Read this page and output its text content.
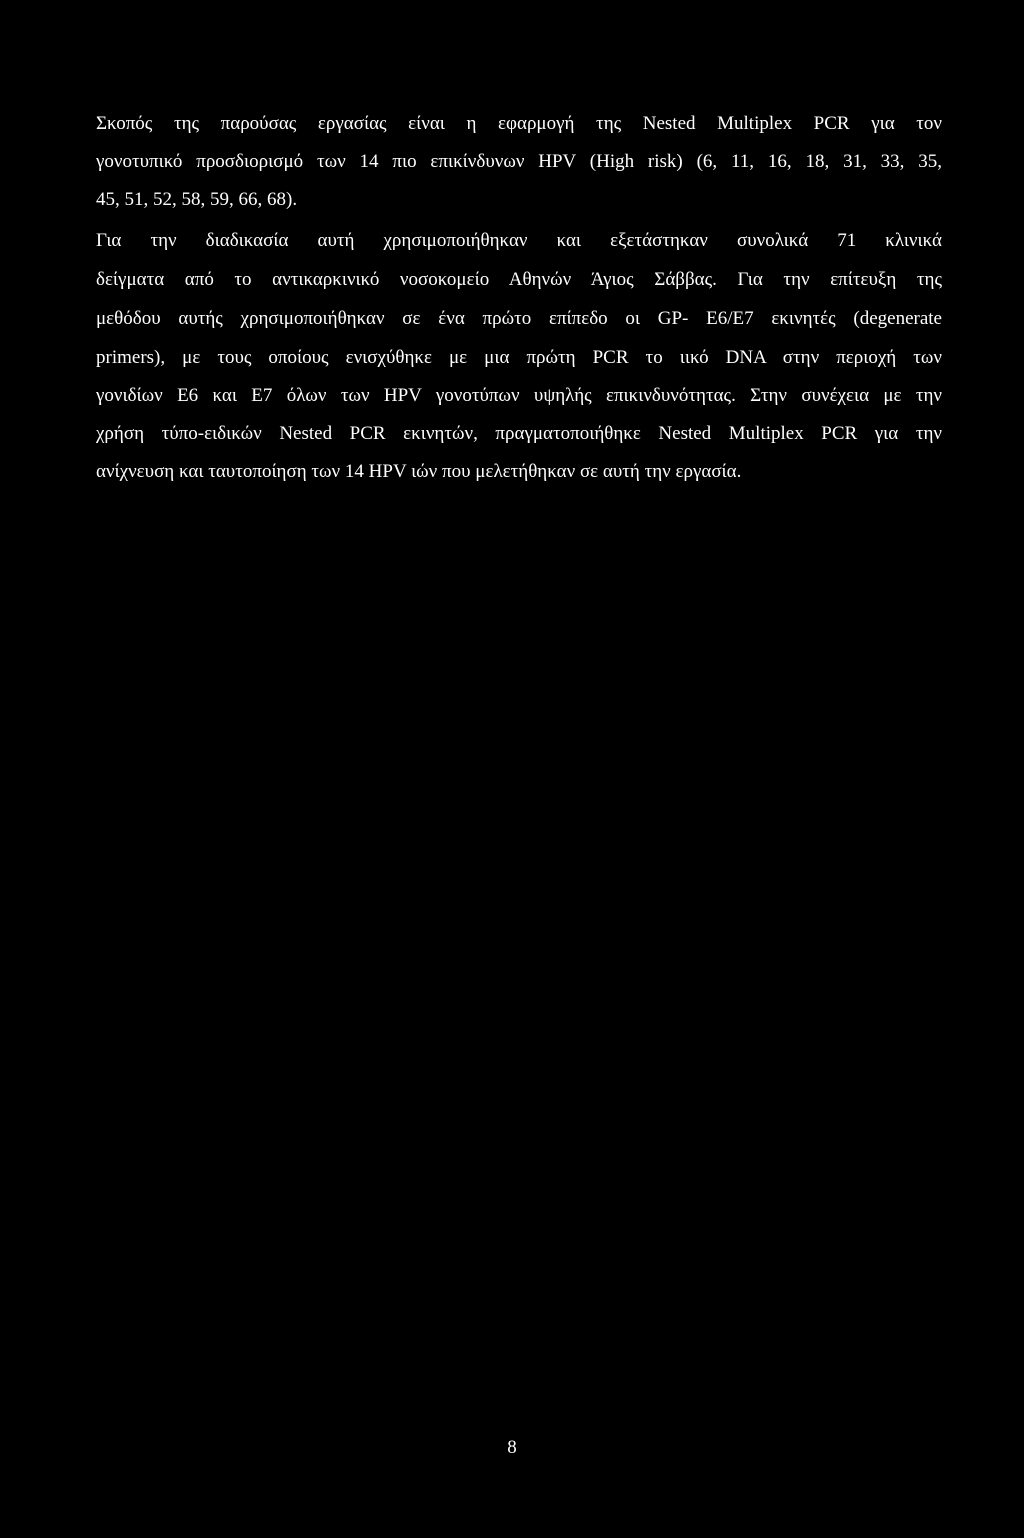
Σκοπός της παρούσας εργασίας είναι η εφαρμογή της Nested Multiplex PCR για τον
γονοτυπικό προσδιορισμό των 14 πιο επικίνδυνων HPV (High risk) (6, 11, 16, 18, 31, 33, 35,
45, 51, 52, 58, 59, 66, 68).
Για την διαδικασία αυτή χρησιμοποιήθηκαν και εξετάστηκαν συνολικά 71 κλινικά
δείγματα από το αντικαρκινικό νοσοκομείο Αθηνών Άγιος Σάββας. Για την επίτευξη της
μεθόδου αυτής χρησιμοποιήθηκαν σε ένα πρώτο επίπεδο οι GP- E6/E7 εκινητές (degenerate
primers), με τους οποίους ενισχύθηκε με μια πρώτη PCR το ιικό DNA στην περιοχή των
γονιδίων E6 και E7 όλων των HPV γονοτύπων υψηλής επικινδυνότητας. Στην συνέχεια με την
χρήση τύπο-ειδικών Nested PCR εκινητών, πραγματοποιήθηκε Nested Multiplex PCR για την
ανίχνευση και ταυτοποίηση των 14 HPV ιών που μελετήθηκαν σε αυτή την εργασία.
8
